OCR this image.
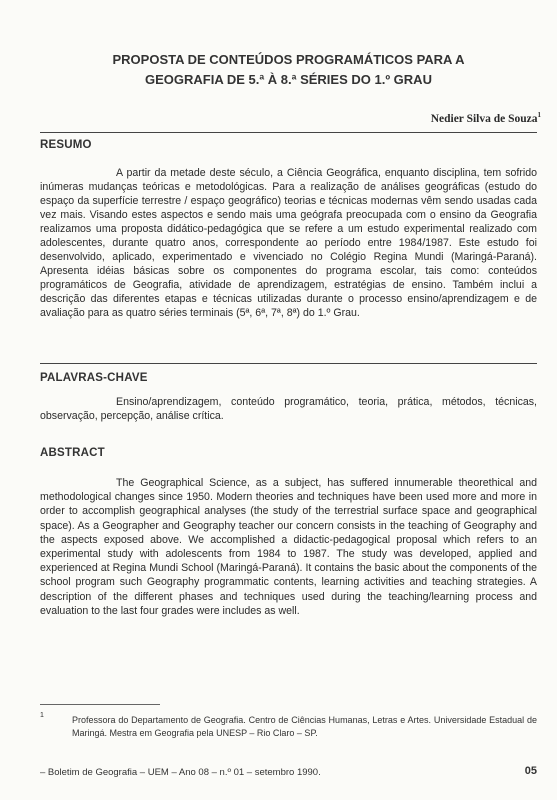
PROPOSTA DE CONTEÚDOS PROGRAMÁTICOS PARA A
GEOGRAFIA DE 5.ª À 8.ª SÉRIES DO 1.º GRAU
Nedier Silva de Souza$^1$
RESUMO
A partir da metade deste século, a Ciência Geográfica, enquanto disciplina, tem sofrido inúmeras mudanças teóricas e metodológicas. Para a realização de análises geográficas (estudo do espaço da superfície terrestre / espaço geográfico) teorias e técnicas modernas vêm sendo usadas cada vez mais. Visando estes aspectos e sendo mais uma geógrafa preocupada com o ensino da Geografia realizamos uma proposta didático-pedagógica que se refere a um estudo experimental realizado com adolescentes, durante quatro anos, correspondente ao período entre 1984/1987. Este estudo foi desenvolvido, aplicado, experimentado e vivenciado no Colégio Regina Mundi (Maringá-Paraná). Apresenta idéias básicas sobre os componentes do programa escolar, tais como: conteúdos programáticos de Geografia, atividade de aprendizagem, estratégias de ensino. Também inclui a descrição das diferentes etapas e técnicas utilizadas durante o processo ensino/aprendizagem e de avaliação para as quatro séries terminais (5ª, 6ª, 7ª, 8ª) do 1.º Grau.
PALAVRAS-CHAVE
Ensino/aprendizagem, conteúdo programático, teoria, prática, métodos, técnicas, observação, percepção, análise crítica.
ABSTRACT
The Geographical Science, as a subject, has suffered innumerable theorethical and methodological changes since 1950. Modern theories and techniques have been used more and more in order to accomplish geographical analyses (the study of the terrestrial surface space and geographical space). As a Geographer and Geography teacher our concern consists in the teaching of Geography and the aspects exposed above. We accomplished a didactic-pedagogical proposal which refers to an experimental study with adolescents from 1984 to 1987. The study was developed, applied and experienced at Regina Mundi School (Maringá-Paraná). It contains the basic about the components of the school program such Geography programmatic contents, learning activities and teaching strategies. A description of the different phases and techniques used during the teaching/learning process and evaluation to the last four grades were includes as well.
1	Professora do Departamento de Geografia. Centro de Ciências Humanas, Letras e Artes. Universidade Estadual de Maringá. Mestra em Geografia pela UNESP – Rio Claro – SP.
– Boletim de Geografia – UEM – Ano 08 – n.º 01 – setembro 1990.	05
